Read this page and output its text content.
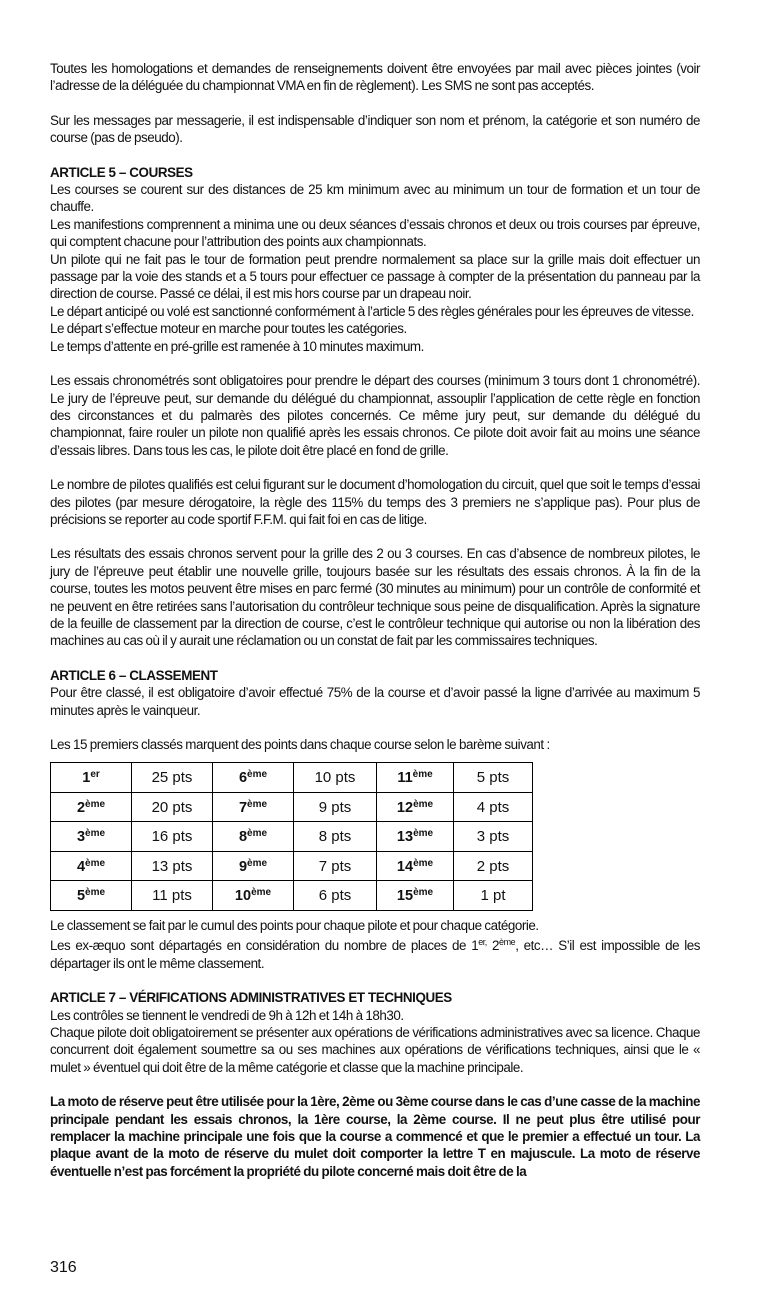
Toutes les homologations et demandes de renseignements doivent être envoyées par mail avec pièces jointes (voir l’adresse de la déléguée du championnat VMA en fin de règlement). Les SMS ne sont pas acceptés.

Sur les messages par messagerie, il est indispensable d’indiquer son nom et prénom, la catégorie et son numéro de course (pas de pseudo).

ARTICLE 5 – COURSES

Les courses se courent sur des distances de 25 km minimum avec au minimum un tour de formation et un tour de chauffe.

Les manifestions comprennent a minima une ou deux séances d’essais chronos et deux ou trois courses par épreuve, qui comptent chacune pour l’attribution des points aux championnats.

Un pilote qui ne fait pas le tour de formation peut prendre normalement sa place sur la grille mais doit effectuer un passage par la voie des stands et a 5 tours pour effectuer ce passage à compter de la présentation du panneau par la direction de course. Passé ce délai, il est mis hors course par un drapeau noir.

Le départ anticipé ou volé est sanctionné conformément à l’article 5 des règles générales pour les épreuves de vitesse.

Le départ s’effectue moteur en marche pour toutes les catégories.

Le temps d’attente en pré-grille est ramenée à 10 minutes maximum.

Les essais chronométrés sont obligatoires pour prendre le départ des courses (minimum 3 tours dont 1 chronométré). Le jury de l’épreuve peut, sur demande du délégué du championnat, assouplir l’application de cette règle en fonction des circonstances et du palmarès des pilotes concernés. Ce même jury peut, sur demande du délégué du championnat, faire rouler un pilote non qualifié après les essais chronos. Ce pilote doit avoir fait au moins une séance d’essais libres. Dans tous les cas, le pilote doit être placé en fond de grille.

Le nombre de pilotes qualifiés est celui figurant sur le document d’homologation du circuit, quel que soit le temps d’essai des pilotes (par mesure dérogatoire, la règle des 115% du temps des 3 premiers ne s’applique pas). Pour plus de précisions se reporter au code sportif F.F.M. qui fait foi en cas de litige.

Les résultats des essais chronos servent pour la grille des 2 ou 3 courses. En cas d’absence de nombreux pilotes, le jury de l’épreuve peut établir une nouvelle grille, toujours basée sur les résultats des essais chronos. À la fin de la course, toutes les motos peuvent être mises en parc fermé (30 minutes au minimum) pour un contrôle de conformité et ne peuvent en être retirées sans l’autorisation du contrôleur technique sous peine de disqualification. Après la signature de la feuille de classement par la direction de course, c’est le contrôleur technique qui autorise ou non la libération des machines au cas où il y aurait une réclamation ou un constat de fait par les commissaires techniques.

ARTICLE 6 – CLASSEMENT

Pour être classé, il est obligatoire d’avoir effectué 75% de la course et d’avoir passé la ligne d’arrivée au maximum 5 minutes après le vainqueur.

Les 15 premiers classés marquent des points dans chaque course selon le barème suivant :

1er	25 pts	6ème	10 pts	11ème	5 pts
2ème	20 pts	7ème	9 pts	12ème	4 pts
3ème	16 pts	8ème	8 pts	13ème	3 pts
4ème	13 pts	9ème	7 pts	14ème	2 pts
5ème	11 pts	10ème	6 pts	15ème	1 pt

Le classement se fait par le cumul des points pour chaque pilote et pour chaque catégorie.

Les ex-æquo sont départagés en considération du nombre de places de $1^{er,}$ 2ème, etc… S’il est impossible de les départager ils ont le même classement.

ARTICLE 7 – VÉRIFICATIONS ADMINISTRATIVES ET TECHNIQUES

Les contrôles se tiennent le vendredi de 9h à 12h et 14h à 18h30.

Chaque pilote doit obligatoirement se présenter aux opérations de vérifications administratives avec sa licence. Chaque concurrent doit également soumettre sa ou ses machines aux opérations de vérifications techniques, ainsi que le « mulet » éventuel qui doit être de la même catégorie et classe que la machine principale.

La moto de réserve peut être utilisée pour la 1ère, 2ème ou 3ème course dans le cas d’une casse de la machine principale pendant les essais chronos, la 1ère course, la 2ème course. Il ne peut plus être utilisé pour remplacer la machine principale une fois que la course a commencé et que le premier a effectué un tour. La plaque avant de la moto de réserve du mulet doit comporter la lettre T en majuscule. La moto de réserve éventuelle n’est pas forcément la propriété du pilote concerné mais doit être de la

316
